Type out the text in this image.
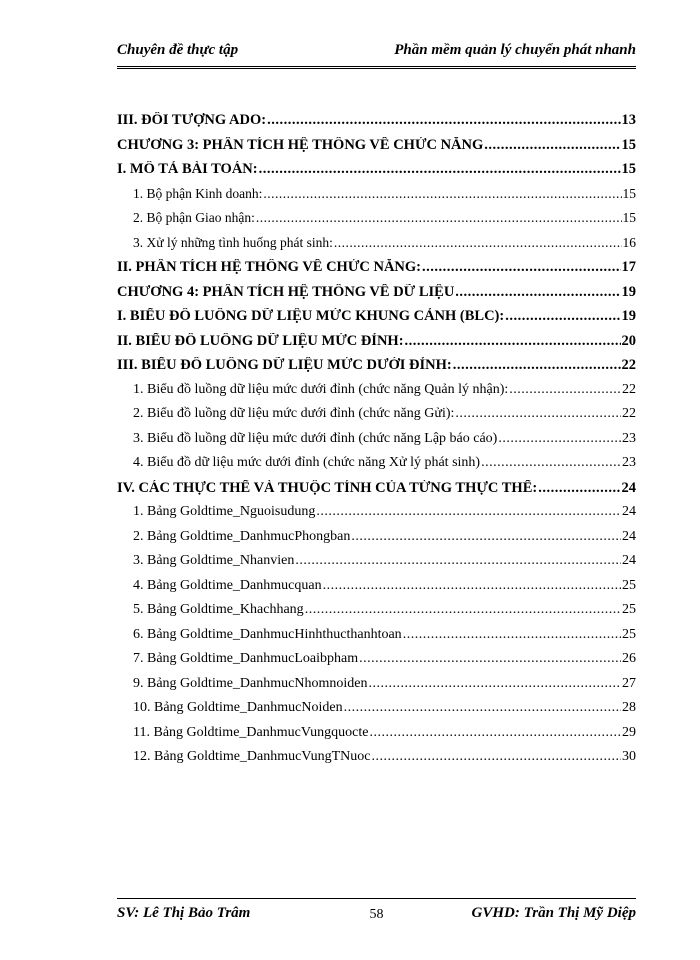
Chuyên đề thực tập	Phần mềm quản lý chuyển phát nhanh
III. ĐỐI TƯỢNG ADO: .....	13
CHƯƠNG 3: PHÂN TÍCH HỆ THỐNG VỀ CHỨC NĂNG .....	15
I. MÔ TẢ BÀI TOÁN: .....	15
1. Bộ phận Kinh doanh: .....	15
2. Bộ phận Giao nhận: .....	15
3. Xử lý những tình huống phát sinh: .....	16
II. PHÂN TÍCH HỆ THỐNG VỀ CHỨC NĂNG: .....	17
CHƯƠNG 4: PHÂN TÍCH HỆ THỐNG VỀ DỮ LIỆU .....	19
I. BIỂU ĐỒ LUỒNG DỮ LIỆU MỨC KHUNG CẢNH (BLC): .....	19
II. BIỂU ĐỒ LUỒNG DỮ LIỆU MỨC ĐỈNH: .....	20
III. BIỂU ĐỒ LUỒNG DỮ LIỆU MỨC DƯỚI ĐỈNH: .....	22
1. Biểu đồ luồng dữ liệu mức dưới đỉnh (chức năng Quản lý nhận): .....	22
2. Biểu đồ luồng dữ liệu mức dưới đỉnh (chức năng Gửi): .....	22
3. Biểu đồ luồng dữ liệu mức dưới đỉnh (chức năng Lập báo cáo) .....	23
4. Biểu đồ dữ liệu mức dưới đỉnh (chức năng Xử lý phát sinh) .....	23
IV. CÁC THỰC THỂ VÀ THUỘC TÍNH CỦA TỪNG THỰC THỂ: .....	24
1. Bảng Goldtime_Nguoisudung .....	24
2. Bảng Goldtime_DanhmucPhongban .....	24
3. Bảng Goldtime_Nhanvien .....	24
4. Bảng Goldtime_Danhmucquan .....	25
5. Bảng Goldtime_Khachhang .....	25
6. Bảng Goldtime_DanhmucHinhthucthanhtoan .....	25
7. Bảng Goldtime_DanhmucLoaibpham .....	26
9. Bảng Goldtime_DanhmucNhomnoiden .....	27
10. Bảng Goldtime_DanhmucNoiden .....	28
11. Bảng Goldtime_DanhmucVungquocte .....	29
12. Bảng Goldtime_DanhmucVungTNuoc .....	30
SV: Lê Thị Bảo Trâm	58	GVHD: Trần Thị Mỹ Diệp
